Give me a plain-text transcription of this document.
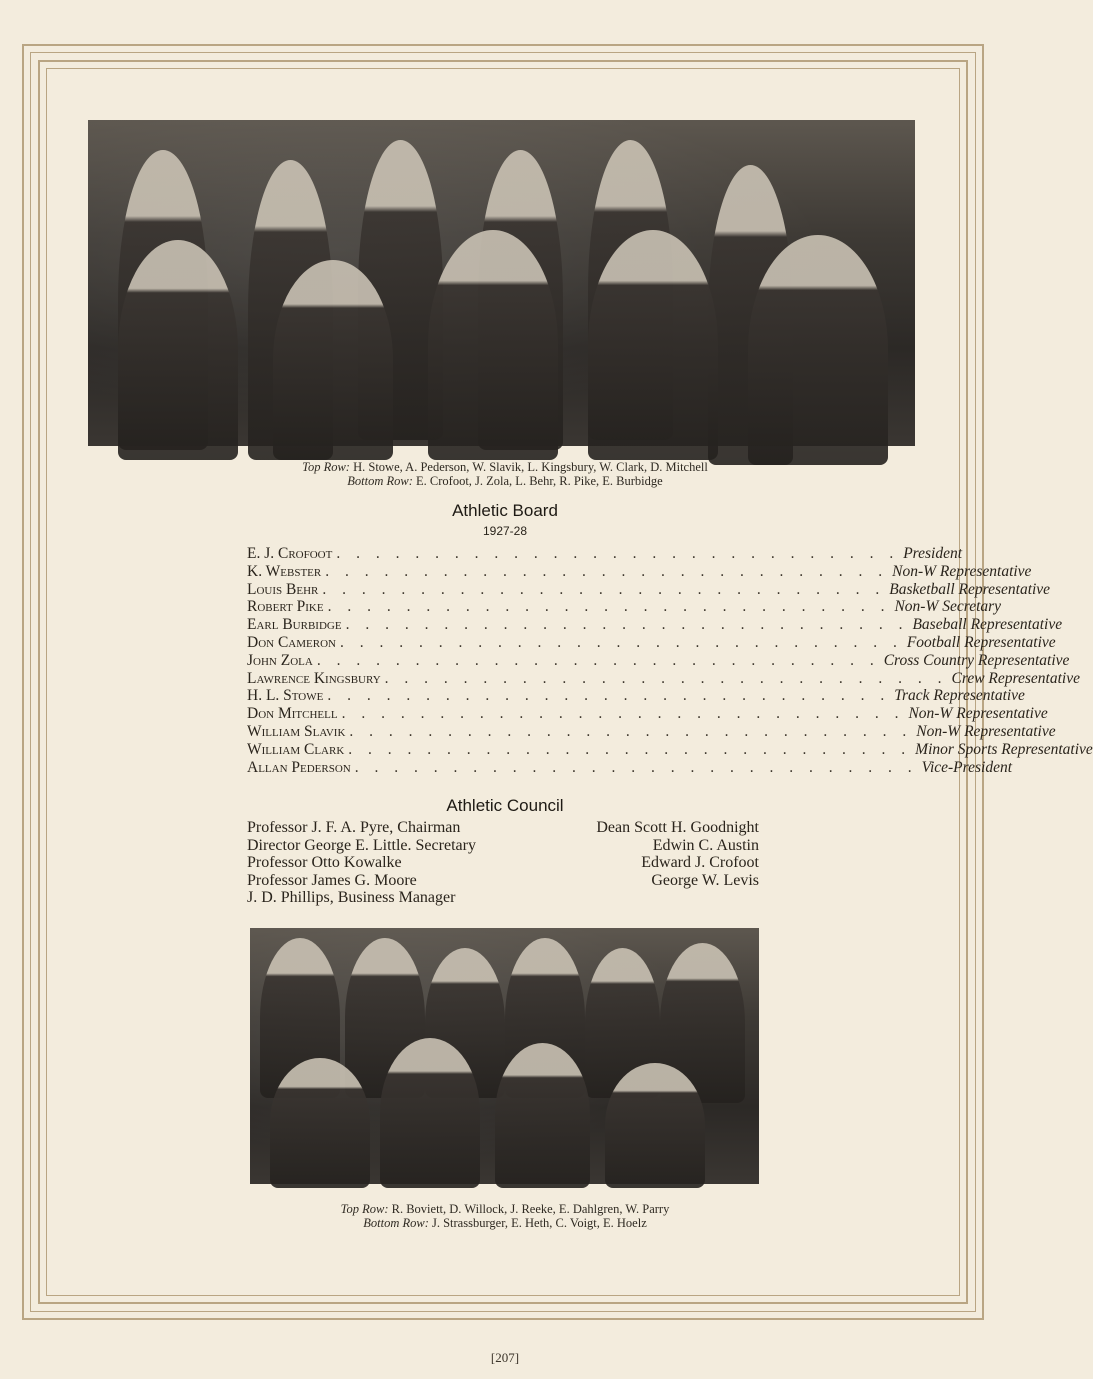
Top Row: H. Stowe, A. Pederson, W. Slavik, L. Kingsbury, W. Clark, D. Mitchell
Bottom Row: E. Crofoot, J. Zola, L. Behr, R. Pike, E. Burbidge
Athletic Board
1927-28
E. J. Crofoot . . . . . . . . . . . . . . . . . . . . . . . . . . . . . President
K. Webster . . . . . . . . . . . . . . . . . . . . . . . . . . . . . Non-W Representative
Louis Behr . . . . . . . . . . . . . . . . . . . . . . . . . . . . . Basketball Representative
Robert Pike . . . . . . . . . . . . . . . . . . . . . . . . . . . . . Non-W Secretary
Earl Burbidge . . . . . . . . . . . . . . . . . . . . . . . . . . . . . Baseball Representative
Don Cameron . . . . . . . . . . . . . . . . . . . . . . . . . . . . . Football Representative
John Zola . . . . . . . . . . . . . . . . . . . . . . . . . . . . . Cross Country Representative
Lawrence Kingsbury . . . . . . . . . . . . . . . . . . . . . . . . . . . . . Crew Representative
H. L. Stowe . . . . . . . . . . . . . . . . . . . . . . . . . . . . . Track Representative
Don Mitchell . . . . . . . . . . . . . . . . . . . . . . . . . . . . . Non-W Representative
William Slavik . . . . . . . . . . . . . . . . . . . . . . . . . . . . . Non-W Representative
William Clark . . . . . . . . . . . . . . . . . . . . . . . . . . . . . Minor Sports Representative
Allan Pederson . . . . . . . . . . . . . . . . . . . . . . . . . . . . . Vice-President
Athletic Council
Professor J. F. A. Pyre, Chairman
Director George E. Little. Secretary
Professor Otto Kowalke
Professor James G. Moore
J. D. Phillips, Business Manager
Dean Scott H. Goodnight
Edwin C. Austin
Edward J. Crofoot
George W. Levis
Top Row: R. Boviett, D. Willock, J. Reeke, E. Dahlgren, W. Parry
Bottom Row: J. Strassburger, E. Heth, C. Voigt, E. Hoelz
[207]
